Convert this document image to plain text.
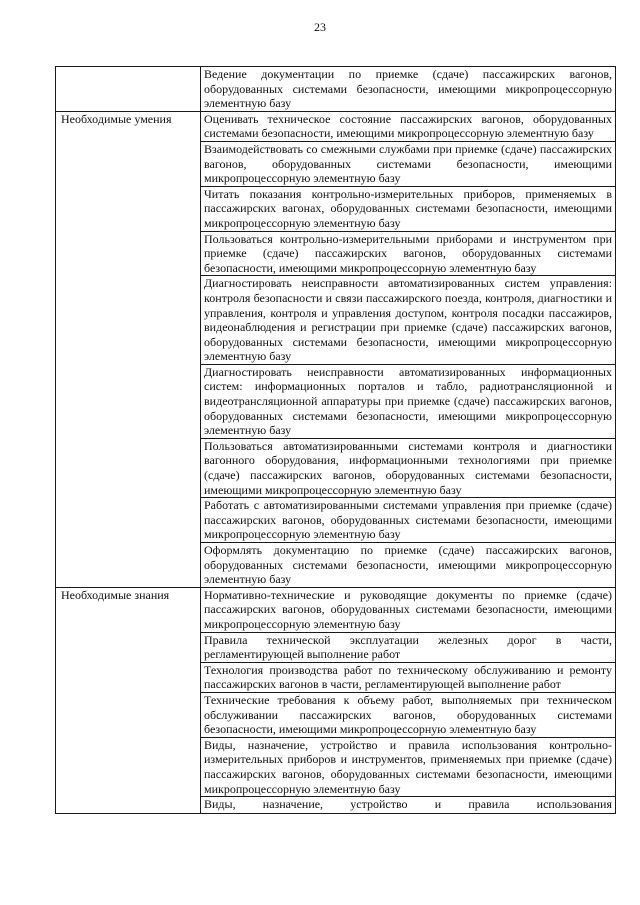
23
	Ведение документации по приемке (сдаче) пассажирских вагонов, оборудованных системами безопасности, имеющими микропроцессорную элементную базу
Необходимые умения	Оценивать техническое состояние пассажирских вагонов, оборудованных системами безопасности, имеющими микропроцессорную элементную базу
	Взаимодействовать со смежными службами при приемке (сдаче) пассажирских вагонов, оборудованных системами безопасности, имеющими микропроцессорную элементную базу
	Читать показания контрольно-измерительных приборов, применяемых в пассажирских вагонах, оборудованных системами безопасности, имеющими микропроцессорную элементную базу
	Пользоваться контрольно-измерительными приборами и инструментом при приемке (сдаче) пассажирских вагонов, оборудованных системами безопасности, имеющими микропроцессорную элементную базу
	Диагностировать неисправности автоматизированных систем управления: контроля безопасности и связи пассажирского поезда, контроля, диагностики и управления, контроля и управления доступом, контроля посадки пассажиров, видеонаблюдения и регистрации при приемке (сдаче) пассажирских вагонов, оборудованных системами безопасности, имеющими микропроцессорную элементную базу
	Диагностировать неисправности автоматизированных информационных систем: информационных порталов и табло, радиотрансляционной и видеотрансляционной аппаратуры при приемке (сдаче) пассажирских вагонов, оборудованных системами безопасности, имеющими микропроцессорную элементную базу
	Пользоваться автоматизированными системами контроля и диагностики вагонного оборудования, информационными технологиями при приемке (сдаче) пассажирских вагонов, оборудованных системами безопасности, имеющими микропроцессорную элементную базу
	Работать с автоматизированными системами управления при приемке (сдаче) пассажирских вагонов, оборудованных системами безопасности, имеющими микропроцессорную элементную базу
	Оформлять документацию по приемке (сдаче) пассажирских вагонов, оборудованных системами безопасности, имеющими микропроцессорную элементную базу
Необходимые знания	Нормативно-технические и руководящие документы по приемке (сдаче) пассажирских вагонов, оборудованных системами безопасности, имеющими микропроцессорную элементную базу
	Правила технической эксплуатации железных дорог в части, регламентирующей выполнение работ
	Технология производства работ по техническому обслуживанию и ремонту пассажирских вагонов в части, регламентирующей выполнение работ
	Технические требования к объему работ, выполняемых при техническом обслуживании пассажирских вагонов, оборудованных системами безопасности, имеющими микропроцессорную элементную базу
	Виды, назначение, устройство и правила использования контрольно-измерительных приборов и инструментов, применяемых при приемке (сдаче) пассажирских вагонов, оборудованных системами безопасности, имеющими микропроцессорную элементную базу
	Виды, назначение, устройство и правила использования
